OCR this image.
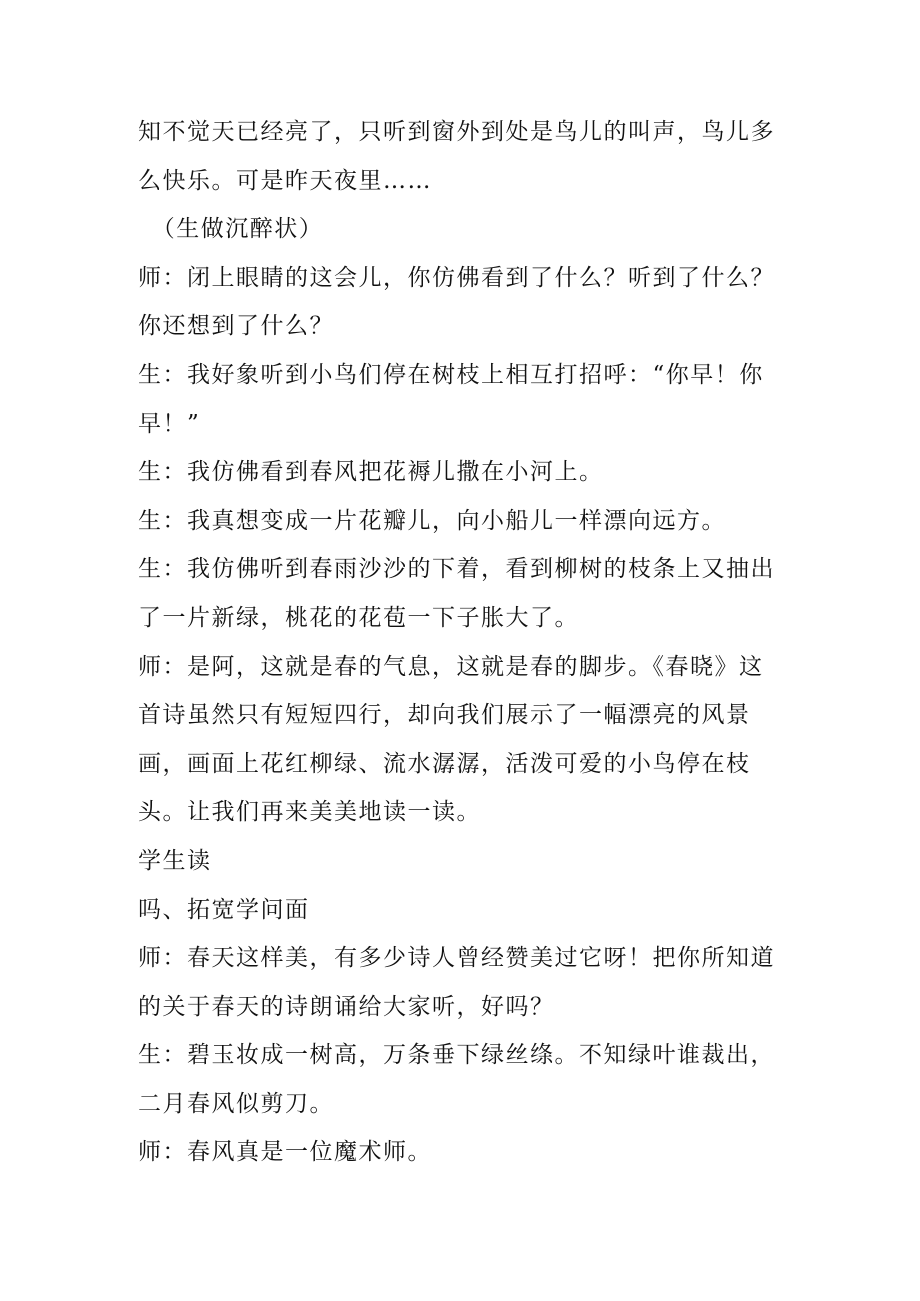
知不觉天已经亮了，只听到窗外到处是鸟儿的叫声，鸟儿多么快乐。可是昨天夜里……

（生做沉醉状）

师：闭上眼睛的这会儿，你仿佛看到了什么？听到了什么？你还想到了什么？

生：我好象听到小鸟们停在树枝上相互打招呼：“你早！你早！”

生：我仿佛看到春风把花褥儿撒在小河上。

生：我真想变成一片花瓣儿，向小船儿一样漂向远方。

生：我仿佛听到春雨沙沙的下着，看到柳树的枝条上又抽出了一片新绿，桃花的花苞一下子胀大了。

师：是阿，这就是春的气息，这就是春的脚步。《春晓》这首诗虽然只有短短四行，却向我们展示了一幅漂亮的风景画，画面上花红柳绿、流水潺潺，活泼可爱的小鸟停在枝头。让我们再来美美地读一读。

学生读

吗、拓宽学问面

师：春天这样美，有多少诗人曾经赞美过它呀！把你所知道的关于春天的诗朗诵给大家听，好吗？

生：碧玉妆成一树高，万条垂下绿丝绦。不知绿叶谁裁出，二月春风似剪刀。

师：春风真是一位魔术师。
